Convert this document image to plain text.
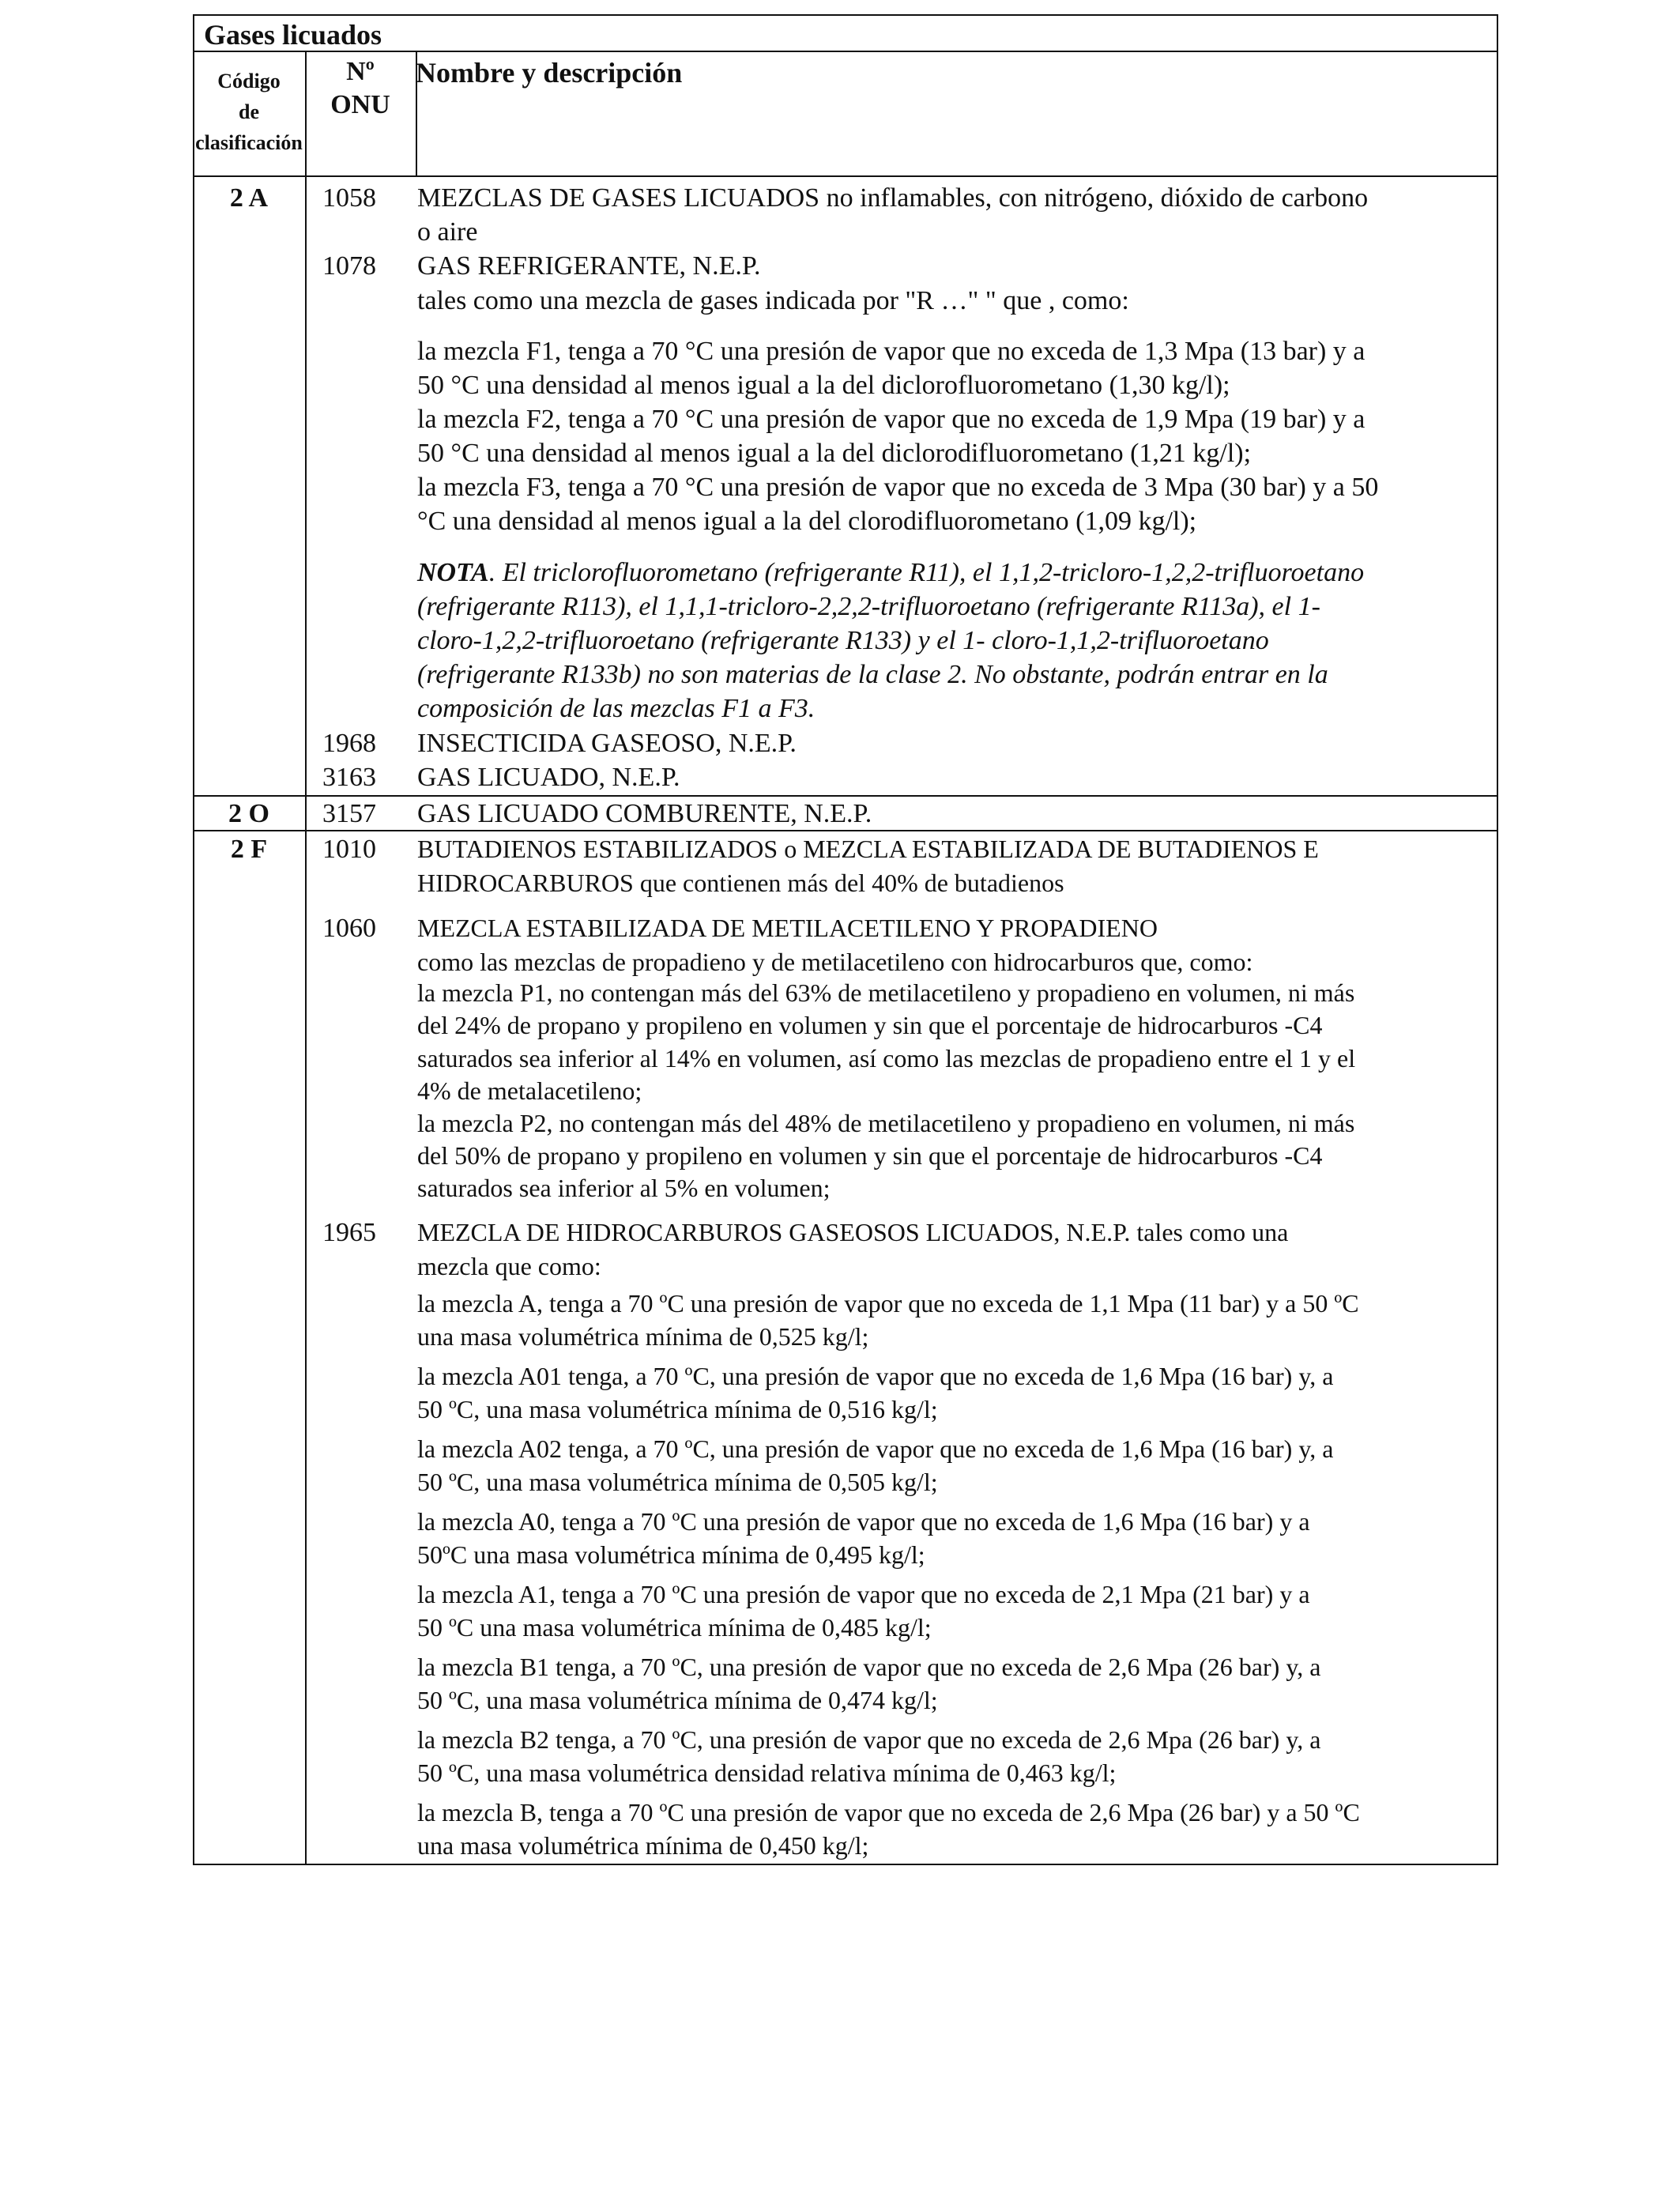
Gases licuados
Código
de
clasificación
Nº
ONU
Nombre y descripción
2 A
2 O
2 F
1058
1078
1968
3163
3157
1010
1060
1965
MEZCLAS DE GASES LICUADOS no inflamables, con nitrógeno, dióxido de carbono
o aire
GAS REFRIGERANTE, N.E.P.
tales como una mezcla de gases indicada por "R …" " que , como:
la mezcla F1, tenga a 70 °C una presión de vapor que no exceda de 1,3 Mpa (13 bar) y a
50 °C una densidad al menos igual a la del diclorofluorometano (1,30 kg/l);
la mezcla F2, tenga a 70 °C una presión de vapor que no exceda de 1,9 Mpa (19 bar) y a
50 °C una densidad al menos igual a la del diclorodifluorometano (1,21 kg/l);
la mezcla F3, tenga a 70 °C una presión de vapor que no exceda de 3 Mpa (30 bar) y a 50
°C una densidad al menos igual a la del clorodifluorometano (1,09 kg/l);
NOTA. El triclorofluorometano (refrigerante R11), el 1,1,2-tricloro-1,2,2-trifluoroetano
(refrigerante R113), el 1,1,1-tricloro-2,2,2-trifluoroetano (refrigerante R113a), el 1-
cloro-1,2,2-trifluoroetano (refrigerante R133) y el 1- cloro-1,1,2-trifluoroetano
(refrigerante R133b) no son materias de la clase 2. No obstante, podrán entrar en la
composición de las mezclas F1 a F3.
INSECTICIDA GASEOSO, N.E.P.
GAS LICUADO, N.E.P.
GAS LICUADO COMBURENTE, N.E.P.
BUTADIENOS ESTABILIZADOS o MEZCLA ESTABILIZADA DE BUTADIENOS E
HIDROCARBUROS que contienen más del 40% de butadienos
MEZCLA ESTABILIZADA DE METILACETILENO Y PROPADIENO
como las mezclas de propadieno y de metilacetileno con hidrocarburos que, como:
la mezcla P1, no contengan más del 63% de metilacetileno y propadieno en volumen, ni más
del 24% de propano y propileno en volumen y sin que el porcentaje de hidrocarburos -C4
saturados sea inferior al 14% en volumen, así como las mezclas de propadieno entre el 1 y el
4% de metalacetileno;
la mezcla P2, no contengan más del 48% de metilacetileno y propadieno en volumen, ni más
del 50% de propano y propileno en volumen y sin que el porcentaje de hidrocarburos -C4
saturados sea inferior al 5% en volumen;
MEZCLA DE HIDROCARBUROS GASEOSOS LICUADOS, N.E.P. tales como una
mezcla que como:
la mezcla A, tenga a 70 ºC una presión de vapor que no exceda de 1,1 Mpa (11 bar) y a 50 ºC
una masa volumétrica mínima de 0,525 kg/l;
la mezcla A01 tenga, a 70 ºC, una presión de vapor que no exceda de 1,6 Mpa (16 bar) y, a
50 ºC, una masa volumétrica mínima de 0,516 kg/l;
la mezcla A02 tenga, a 70 ºC, una presión de vapor que no exceda de 1,6 Mpa (16 bar) y, a
50 ºC, una masa volumétrica mínima de 0,505 kg/l;
la mezcla A0, tenga a 70 ºC una presión de vapor que no exceda de 1,6 Mpa (16 bar) y a
50ºC una masa volumétrica mínima de 0,495 kg/l;
la mezcla A1, tenga a 70 ºC una presión de vapor que no exceda de 2,1 Mpa (21 bar) y a
50 ºC una masa volumétrica mínima de 0,485 kg/l;
la mezcla B1 tenga, a 70 ºC, una presión de vapor que no exceda de 2,6 Mpa (26 bar) y, a
50 ºC, una masa volumétrica mínima de 0,474 kg/l;
la mezcla B2 tenga, a 70 ºC, una presión de vapor que no exceda de 2,6 Mpa (26 bar) y, a
50 ºC, una masa volumétrica densidad relativa mínima de 0,463 kg/l;
la mezcla B, tenga a 70 ºC una presión de vapor que no exceda de 2,6 Mpa (26 bar) y a 50 ºC
una masa volumétrica mínima de 0,450 kg/l;
